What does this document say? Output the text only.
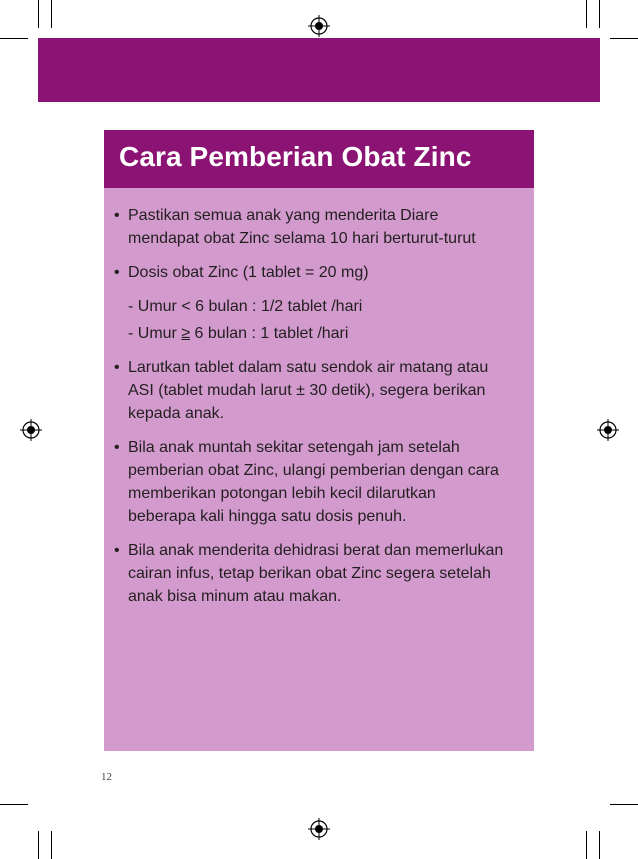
Cara Pemberian Obat Zinc
• Pastikan semua anak yang menderita Diare
mendapat obat Zinc selama 10 hari berturut-turut
• Dosis obat Zinc (1 tablet = 20 mg)
- Umur < 6 bulan : 1/2 tablet /hari
- Umur ≥ 6 bulan : 1 tablet /hari
• Larutkan tablet dalam satu sendok air matang atau
ASI (tablet mudah larut ± 30 detik), segera berikan
kepada anak.
• Bila anak muntah sekitar setengah jam setelah
pemberian obat Zinc, ulangi pemberian dengan cara
memberikan potongan lebih kecil dilarutkan
beberapa kali hingga satu dosis penuh.
• Bila anak menderita dehidrasi berat dan memerlukan
cairan infus, tetap berikan obat Zinc segera setelah
anak bisa minum atau makan.
12
